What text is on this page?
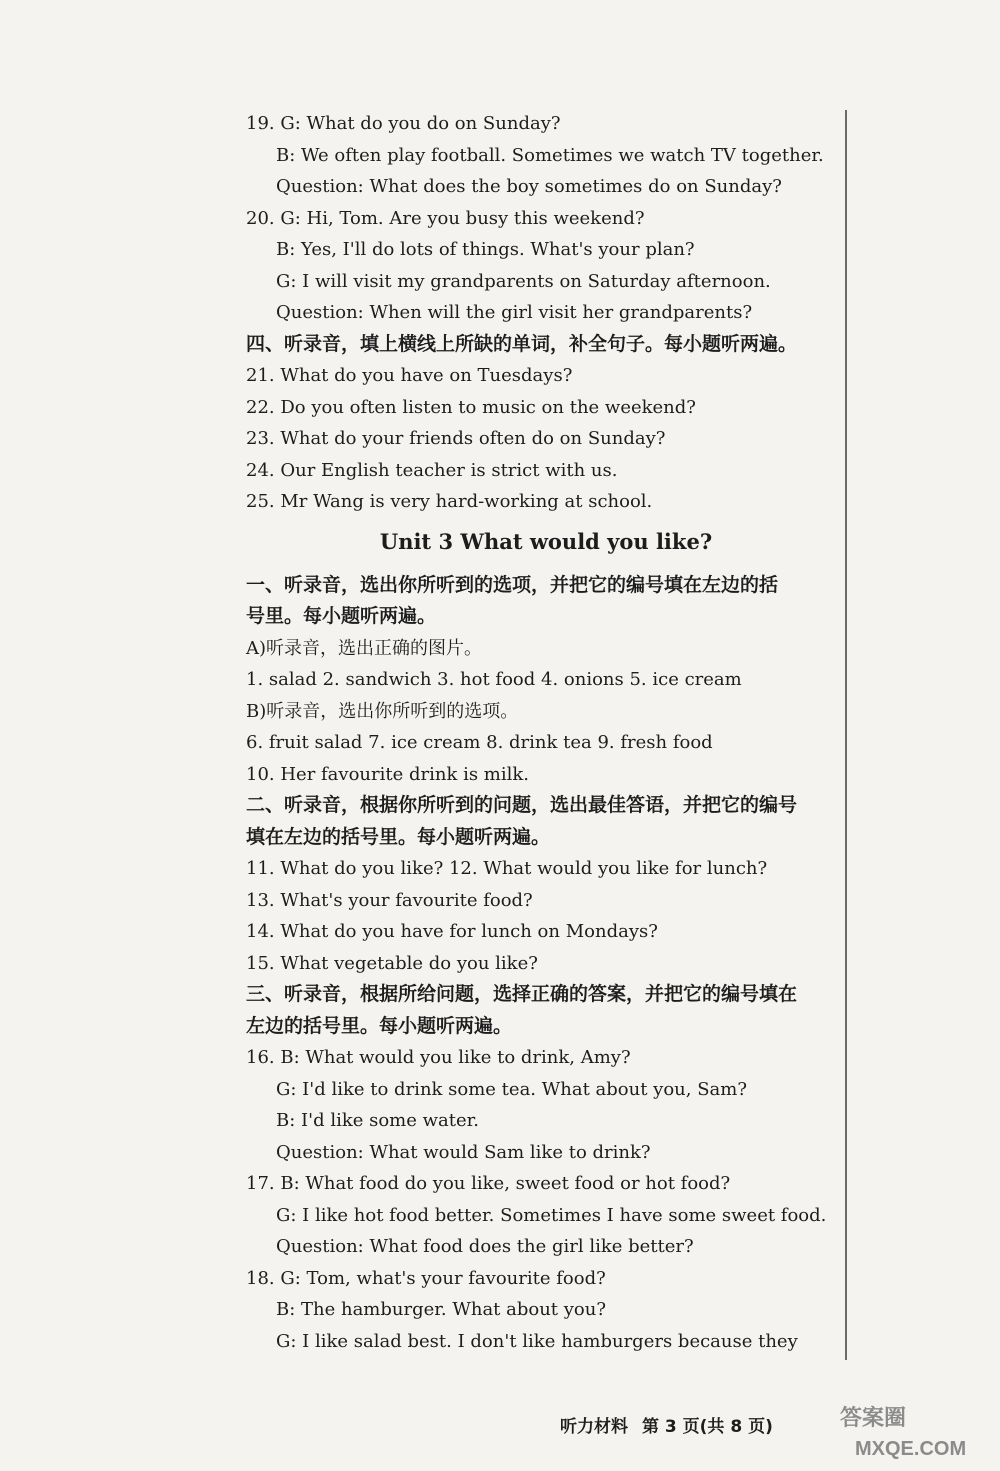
19. G: What do you do on Sunday?
B: We often play football. Sometimes we watch TV together.
Question: What does the boy sometimes do on Sunday?
20. G: Hi, Tom. Are you busy this weekend?
B: Yes, I'll do lots of things. What's your plan?
G: I will visit my grandparents on Saturday afternoon.
Question: When will the girl visit her grandparents?
四、听录音，填上横线上所缺的单词，补全句子。每小题听两遍。
21. What do you have on Tuesdays?
22. Do you often listen to music on the weekend?
23. What do your friends often do on Sunday?
24. Our English teacher is strict with us.
25. Mr Wang is very hard-working at school.
Unit 3 What would you like?
一、听录音，选出你所听到的选项，并把它的编号填在左边的括
号里。每小题听两遍。
A)听录音，选出正确的图片。
1. salad 2. sandwich 3. hot food 4. onions 5. ice cream
B)听录音，选出你所听到的选项。
6. fruit salad 7. ice cream 8. drink tea 9. fresh food
10. Her favourite drink is milk.
二、听录音，根据你所听到的问题，选出最佳答语，并把它的编号
填在左边的括号里。每小题听两遍。
11. What do you like? 12. What would you like for lunch?
13. What's your favourite food?
14. What do you have for lunch on Mondays?
15. What vegetable do you like?
三、听录音，根据所给问题，选择正确的答案，并把它的编号填在
左边的括号里。每小题听两遍。
16. B: What would you like to drink, Amy?
G: I'd like to drink some tea. What about you, Sam?
B: I'd like some water.
Question: What would Sam like to drink?
17. B: What food do you like, sweet food or hot food?
G: I like hot food better. Sometimes I have some sweet food.
Question: What food does the girl like better?
18. G: Tom, what's your favourite food?
B: The hamburger. What about you?
G: I like salad best. I don't like hamburgers because they
听力材料 第 3 页(共 8 页)	答案圈
MXQE.COM
